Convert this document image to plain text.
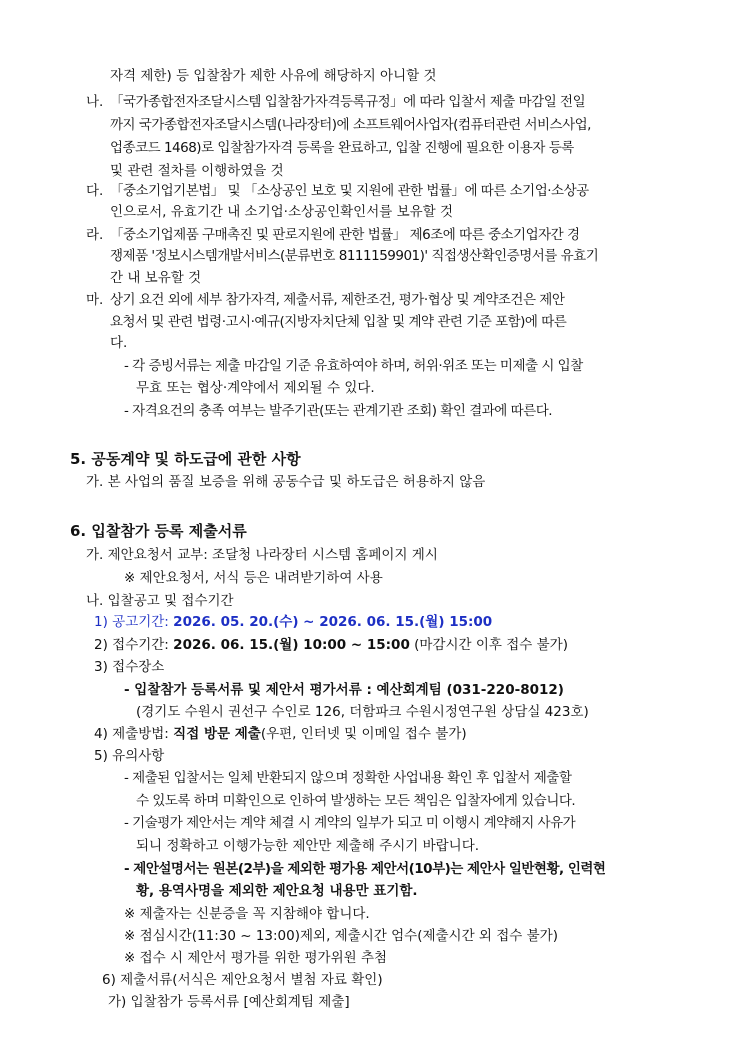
자격 제한) 등 입찰참가 제한 사유에 해당하지 아니할 것
나. 「국가종합전자조달시스템 입찰참가자격등록규정」에 따라 입찰서 제출 마감일 전일
까지 국가종합전자조달시스템(나라장터)에 소프트웨어사업자(컴퓨터관련 서비스사업,
업종코드 1468)로 입찰참가자격 등록을 완료하고, 입찰 진행에 필요한 이용자 등록
및 관련 절차를 이행하였을 것
다. 「중소기업기본법」 및 「소상공인 보호 및 지원에 관한 법률」에 따른 소기업·소상공
인으로서, 유효기간 내 소기업·소상공인확인서를 보유할 것
라. 「중소기업제품 구매촉진 및 판로지원에 관한 법률」 제6조에 따른 중소기업자간 경
쟁제품 '정보시스템개발서비스(분류번호 8111159901)' 직접생산확인증명서를 유효기
간 내 보유할 것
마. 상기 요건 외에 세부 참가자격, 제출서류, 제한조건, 평가·협상 및 계약조건은 제안
요청서 및 관련 법령·고시·예규(지방자치단체 입찰 및 계약 관련 기준 포함)에 따른
다.
- 각 증빙서류는 제출 마감일 기준 유효하여야 하며, 허위·위조 또는 미제출 시 입찰
무효 또는 협상·계약에서 제외될 수 있다.
- 자격요건의 충족 여부는 발주기관(또는 관계기관 조회) 확인 결과에 따른다.
5. 공동계약 및 하도급에 관한 사항
가. 본 사업의 품질 보증을 위해 공동수급 및 하도급은 허용하지 않음
6. 입찰참가 등록 제출서류
가. 제안요청서 교부: 조달청 나라장터 시스템 홈페이지 게시
※ 제안요청서, 서식 등은 내려받기하여 사용
나. 입찰공고 및 접수기간
1) 공고기간: 2026. 05. 20.(수) ~ 2026. 06. 15.(월) 15:00
2) 접수기간: 2026. 06. 15.(월) 10:00 ~ 15:00 (마감시간 이후 접수 불가)
3) 접수장소
- 입찰참가 등록서류 및 제안서 평가서류 : 예산회계팀 (031-220-8012)
(경기도 수원시 권선구 수인로 126, 더함파크 수원시정연구원 상담실 423호)
4) 제출방법: 직접 방문 제출(우편, 인터넷 및 이메일 접수 불가)
5) 유의사항
- 제출된 입찰서는 일체 반환되지 않으며 정확한 사업내용 확인 후 입찰서 제출할
수 있도록 하며 미확인으로 인하여 발생하는 모든 책임은 입찰자에게 있습니다.
- 기술평가 제안서는 계약 체결 시 계약의 일부가 되고 미 이행시 계약해지 사유가
되니 정확하고 이행가능한 제안만 제출해 주시기 바랍니다.
- 제안설명서는 원본(2부)을 제외한 평가용 제안서(10부)는 제안사 일반현황, 인력현
황, 용역사명을 제외한 제안요청 내용만 표기함.
※ 제출자는 신분증을 꼭 지참해야 합니다.
※ 점심시간(11:30 ~ 13:00)제외, 제출시간 엄수(제출시간 외 접수 불가)
※ 접수 시 제안서 평가를 위한 평가위원 추첨
6) 제출서류(서식은 제안요청서 별첨 자료 확인)
가) 입찰참가 등록서류 [예산회계팀 제출]
